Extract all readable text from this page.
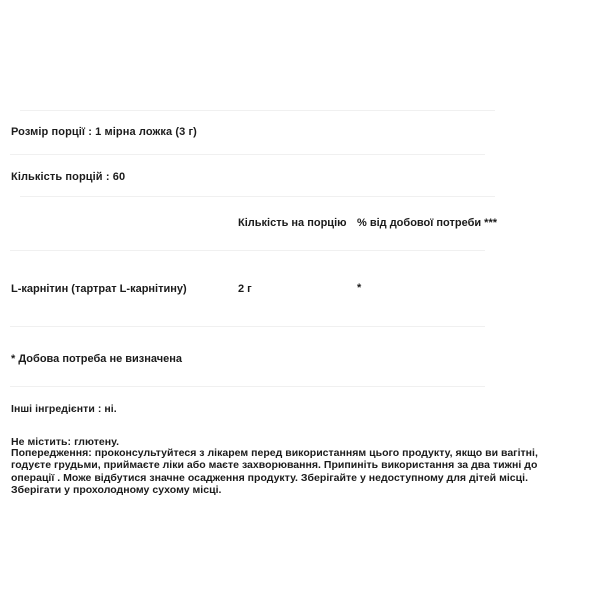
Розмір порції : 1 мірна ложка (3 г)
Кількість порцій : 60
Кількість на порцію % від добової потреби ***
L-карнітин (тартрат L-карнітину)	2 г	*
* Добова потреба не визначена
Інші інгредієнти : ні.
Не містить: глютену.
Попередження: проконсультуйтеся з лікарем перед використанням цього продукту, якщо ви вагітні, годуєте грудьми, приймаєте ліки або маєте захворювання. Припиніть використання за два тижні до операції . Може відбутися значне осадження продукту. Зберігайте у недоступному для дітей місці. Зберігати у прохолодному сухому місці.
